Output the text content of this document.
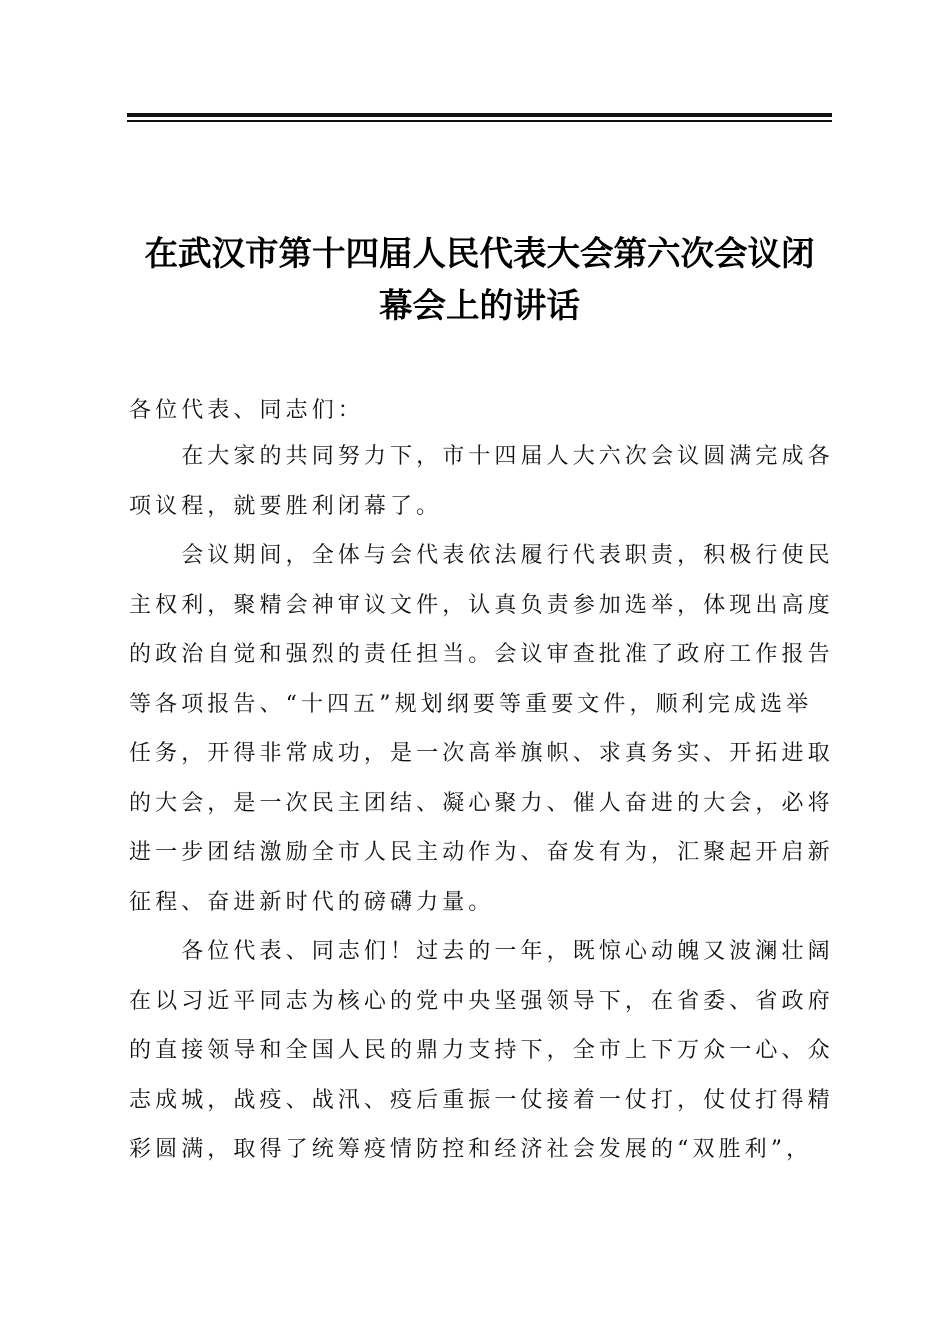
在武汉市第十四届人民代表大会第六次会议闭
幕会上的讲话

各位代表、同志们：

　　在大家的共同努力下，市十四届人大六次会议圆满完成各
项议程，就要胜利闭幕了。

　　会议期间，全体与会代表依法履行代表职责，积极行使民
主权利，聚精会神审议文件，认真负责参加选举，体现出高度
的政治自觉和强烈的责任担当。会议审查批准了政府工作报告
等各项报告、“十四五”规划纲要等重要文件，顺利完成选举
任务，开得非常成功，是一次高举旗帜、求真务实、开拓进取
的大会，是一次民主团结、凝心聚力、催人奋进的大会，必将
进一步团结激励全市人民主动作为、奋发有为，汇聚起开启新
征程、奋进新时代的磅礴力量。

　　各位代表、同志们！过去的一年，既惊心动魄又波澜壮阔
在以习近平同志为核心的党中央坚强领导下，在省委、省政府
的直接领导和全国人民的鼎力支持下，全市上下万众一心、众
志成城，战疫、战汛、疫后重振一仗接着一仗打，仗仗打得精
彩圆满，取得了统筹疫情防控和经济社会发展的“双胜利”，
